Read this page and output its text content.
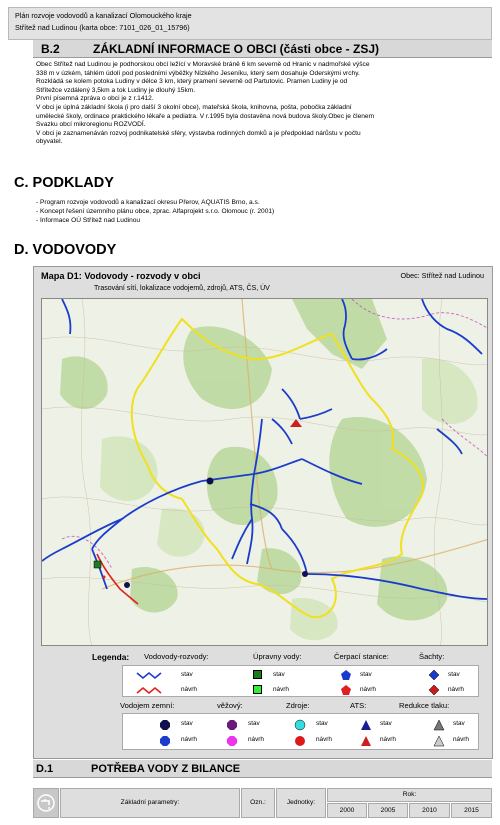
Plán rozvoje vodovodů a kanalizací Olomouckého kraje
Střítež nad Ludinou (karta obce: 7101_026_01_15796)
B.2	ZÁKLADNÍ INFORMACE O OBCI (části obce - ZSJ)
Obec Střítež nad Ludinou je podhorskou obcí ležící v Moravské bráně 6 km severně od Hranic v nadmořské výšce
338 m v úzkém, táhlém údolí pod posledními výběžky Nízkého Jeseníku, který sem dosahuje Oderskými vrchy.
Rozkládá se kolem potoka Ludiny v délce 3 km, který pramení severně od Partutovic. Pramen Ludiny je od
Střítežce vzdálený 3,5km a tok Ludiny je dlouhý 15km.
První písemná zpráva o obci je z r.1412.
V obci je úplná základní škola (i pro další 3 okolní obce), mateřská škola, knihovna, pošta, pobočka základní
umělecké školy, ordinace praktického lékaře a pediatra. V r.1995 byla dostavěna nová budova školy.Obec je členem
Svazku obcí mikroregionu ROZVODÍ.
V obci je zaznamenáván rozvoj podnikatelské sféry, výstavba rodinných domků a je předpoklad nárůstu v počtu
obyvatel.
C. PODKLADY
- Program rozvoje vodovodů a kanalizací okresu Přerov, AQUATIS Brno, a.s.
- Koncept řešení územního plánu obce, zprac. Alfaprojekt s.r.o. Olomouc (r. 2001)
- Informace OÚ Střítež nad Ludinou
D. VODOVODY
Mapa D1: Vodovody - rozvody v obci
Trasování sítí, lokalizace vodojemů, zdrojů, ATS, ČS, ÚV
Obec: Střítež nad Ludinou
Legenda: Vodovody-rozvody:	Úpravny vody:	Čerpací stanice:	Šachty:
stav
návrh
stav
návrh
stav
návrh
stav
návrh
Vodojem zemní:	věžový:	Zdroje:	ATS:	Redukce tlaku:
stav
návrh
stav
návrh
stav
návrh
stav
návrh
stav
návrh
D.1	POTŘEBA VODY Z BILANCE
Základní parametry:	Ozn.:	Jednotky:
Rok:
2000	2005	2010	2015
